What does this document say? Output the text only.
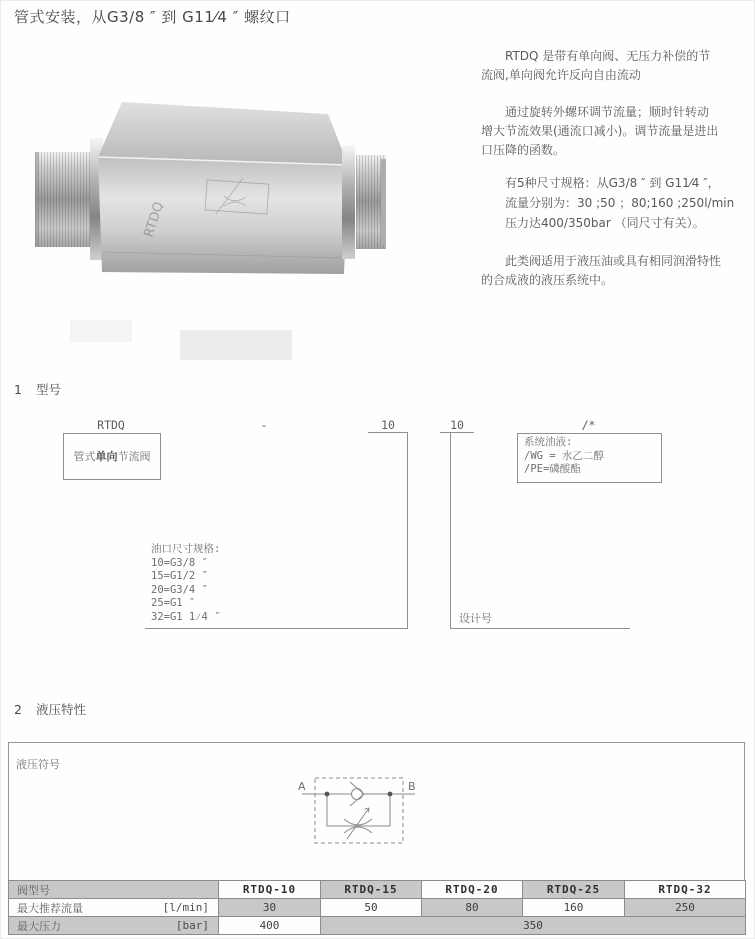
管式安装，从G3/8 ″ 到 G11⁄4 ″ 螺纹口
RTDQ
RTDQ 是带有单向阀、无压力补偿的节
流阀,单向阀允许反向自由流动
通过旋转外螺环调节流量；顺时针转动
增大节流效果(通流口减小)。调节流量是进出
口压降的函数。
有5种尺寸规格：从G3/8 ″ 到 G11⁄4 ″，
流量分别为：30 ;50 ；80;160 ;250l/min
压力达400/350bar （同尺寸有关）。
此类阀适用于液压油或具有相同润滑特性
的合成液的液压系统中。
1 型号
RTDQ	-	10	10	/*
管式单向节流阀
油口尺寸规格:
10=G3/8 ″
15=G1/2 ″
20=G3/4 ″
25=G1 ″
32=G1 1⁄4 ″	设计号
系统油液:
/WG = 水乙二醇
/PE=磷酸酯
2 液压特性
液压符号
A	B
阀型号	RTDQ-10	RTDQ-15	RTDQ-20	RTDQ-25	RTDQ-32

最大推荐流量 [l/min]	30	50	80	160	250

最大压力 [bar]	400	350			
